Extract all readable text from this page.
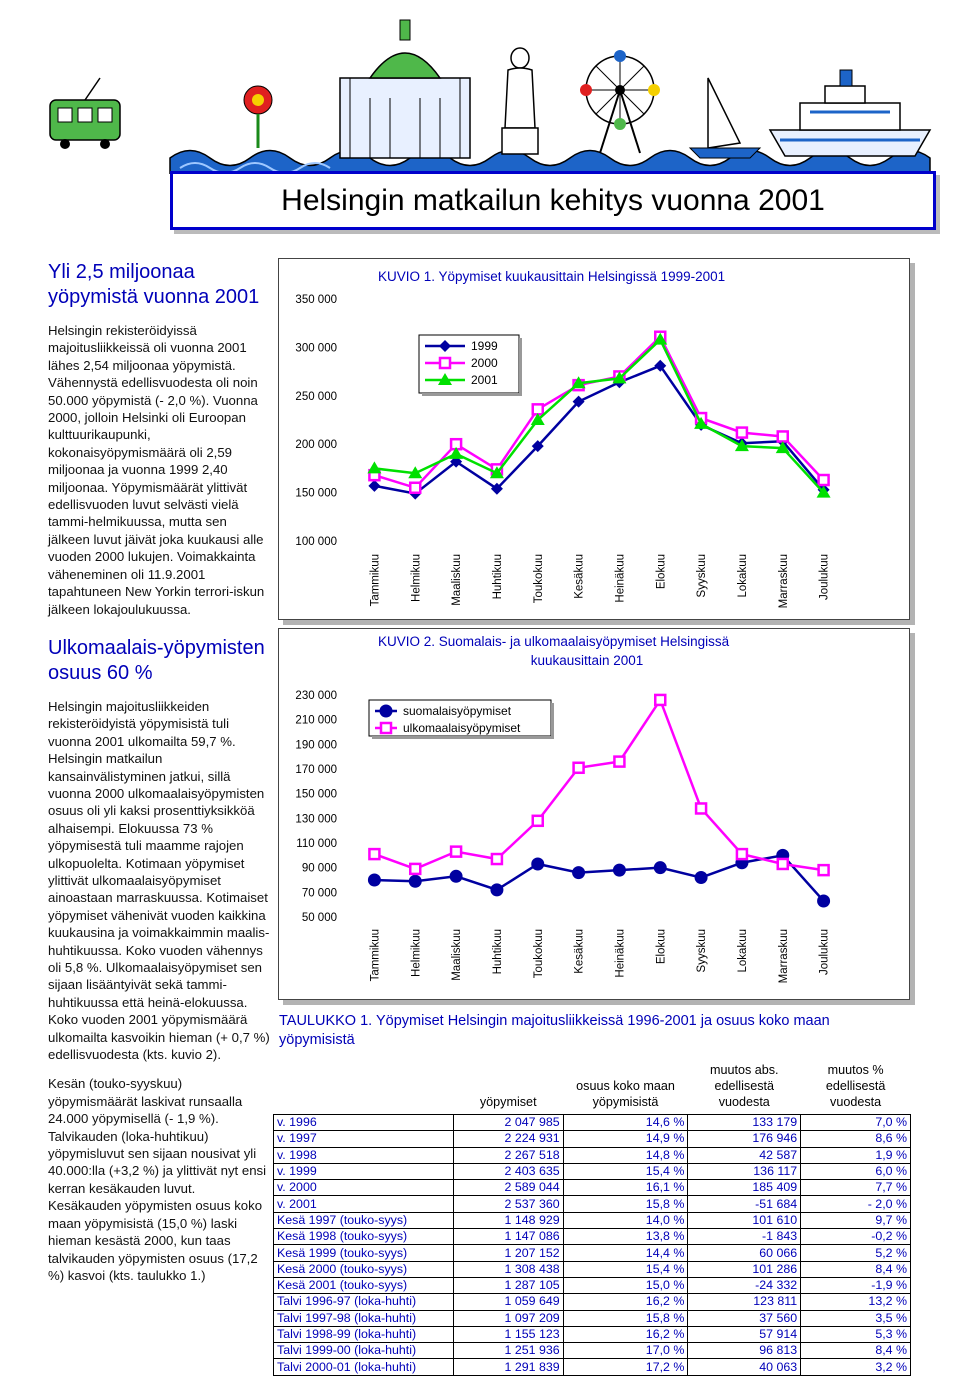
Helsingin matkailun kehitys vuonna 2001
Yli 2,5 miljoonaa yöpymistä vuonna 2001

Helsingin rekisteröidyissä majoitusliikkeissä oli vuonna 2001 lähes 2,54 miljoonaa yöpymistä. Vähennystä edellisvuodesta oli noin 50.000 yöpymistä (- 2,0 %). Vuonna 2000, jolloin Helsinki oli Euroopan kulttuurikaupunki, kokonaisyöpymismäärä oli 2,59 miljoonaa ja vuonna 1999 2,40 miljoonaa. Yöpymismäärät ylittivät edellisvuoden luvut selvästi vielä tammi-helmikuussa, mutta sen jälkeen luvut jäivät joka kuukausi alle vuoden 2000 lukujen. Voimakkainta väheneminen oli 11.9.2001 tapahtuneen New Yorkin terrori-iskun jälkeen lokajoulukuussa.

Ulkomaalais-yöpymisten osuus 60 %

Helsingin majoitusliikkeiden rekisteröidyistä yöpymisistä tuli vuonna 2001 ulkomailta 59,7 %. Helsingin matkailun kansainvälistyminen jatkui, sillä vuonna 2000 ulkomaalaisyöpymisten osuus oli yli kaksi prosenttiyksikköä alhaisempi. Elokuussa 73 % yöpymisestä tuli maamme rajojen ulkopuolelta. Kotimaan yöpymiset ylittivät ulkomaalaisyöpymiset ainoastaan marraskuussa. Kotimaiset yöpymiset vähenivät vuoden kaikkina kuukausina ja voimakkaimmin maalis-huhtikuussa. Koko vuoden vähennys oli 5,8 %. Ulkomaalaisyöpymiset sen sijaan lisääntyivät sekä tammi-huhtikuussa että heinä-elokuussa. Koko vuoden 2001 yöpymismäärä ulkomailta kasvoikin hieman (+ 0,7 %) edellisvuodesta (kts. kuvio 2).

Kesän (touko-syyskuu) yöpymismäärät laskivat runsaalla 24.000 yöpymisellä (- 1,9 %). Talvikauden (loka-huhtikuu) yöpymisluvut sen sijaan nousivat yli 40.000:lla (+3,2 %) ja ylittivät nyt ensi kerran kesäkauden luvut. Kesäkauden yöpymisten osuus koko maan yöpymisistä (15,0 %) laski hieman kesästä 2000, kun taas talvikauden yöpymisten osuus (17,2 %) kasvoi (kts. taulukko 1.)

KUVIO 1. Yöpymiset kuukausittain Helsingissä 1999-2001
100 000
150 000
200 000
250 000
300 000
350 000
Tammikuu	Helmikuu	Maaliskuu	Huhtikuu	Toukokuu	Kesäkuu	Heinäkuu	Elokuu	Syyskuu	Lokakuu	Marraskuu	Joulukuu
1999
2000
2001
KUVIO 2. Suomalais- ja ulkomaalaisyöpymiset Helsingissä
kuukausittain 2001
50 000
70 000
90 000
110 000
130 000
150 000
170 000
190 000
210 000
230 000
Tammikuu	Helmikuu	Maaliskuu	Huhtikuu	Toukokuu	Kesäkuu	Heinäkuu	Elokuu	Syyskuu	Lokakuu	Marraskuu	Joulukuu
suomalaisyöpymiset
ulkomaalaisyöpymiset
TAULUKKO 1. Yöpymiset Helsingin majoitusliikkeissä 1996-2001 ja osuus koko maan yöpymisistä
	yöpymiset	osuus koko maan yöpymisistä	muutos abs. edellisestä vuodesta	muutos % edellisestä vuodesta
v. 1996	2 047 985	14,6 %	133 179	7,0 %
v. 1997	2 224 931	14,9 %	176 946	8,6 %
v. 1998	2 267 518	14,8 %	42 587	1,9 %
v. 1999	2 403 635	15,4 %	136 117	6,0 %
v. 2000	2 589 044	16,1 %	185 409	7,7 %
v. 2001	2 537 360	15,8 %	-51 684	- 2,0 %
Kesä 1997 (touko-syys)	1 148 929	14,0 %	101 610	9,7 %
Kesä 1998 (touko-syys)	1 147 086	13,8 %	-1 843	-0,2 %
Kesä 1999 (touko-syys)	1 207 152	14,4 %	60 066	5,2 %
Kesä 2000 (touko-syys)	1 308 438	15,4 %	101 286	8,4 %
Kesä 2001 (touko-syys)	1 287 105	15,0 %	-24 332	-1,9 %
Talvi 1996-97 (loka-huhti)	1 059 649	16,2 %	123 811	13,2 %
Talvi 1997-98 (loka-huhti)	1 097 209	15,8 %	37 560	3,5 %
Talvi 1998-99 (loka-huhti)	1 155 123	16,2 %	57 914	5,3 %
Talvi 1999-00 (loka-huhti)	1 251 936	17,0 %	96 813	8,4 %
Talvi 2000-01 (loka-huhti)	1 291 839	17,2 %	40 063	3,2 %
